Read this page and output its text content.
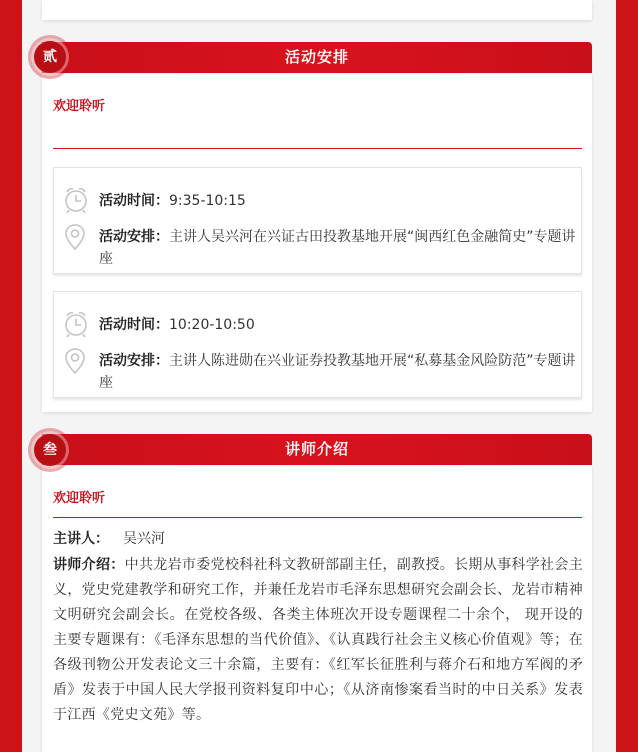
活动安排
贰
欢迎聆听
活动时间：9:35-10:15
活动安排：主讲人吴兴河在兴证古田投教基地开展“闽西红色金融简史”专题讲座
活动时间：10:20-10:50
活动安排：主讲人陈进勋在兴业证券投教基地开展“私募基金风险防范”专题讲座
讲师介绍
叁
欢迎聆听
主讲人： 吴兴河
讲师介绍：中共龙岩市委党校科社科文教研部副主任，副教授。长期从事科学社会主义，党史党建教学和研究工作，并兼任龙岩市毛泽东思想研究会副会长、龙岩市精神文明研究会副会长。在党校各级、各类主体班次开设专题课程二十余个， 现开设的主要专题课有：《毛泽东思想的当代价值》、《认真践行社会主义核心价值观》等；在各级刊物公开发表论文三十余篇，主要有：《红军长征胜利与蒋介石和地方军阀的矛盾》发表于中国人民大学报刊资料复印中心；《从济南惨案看当时的中日关系》发表于江西《党史文苑》等。
